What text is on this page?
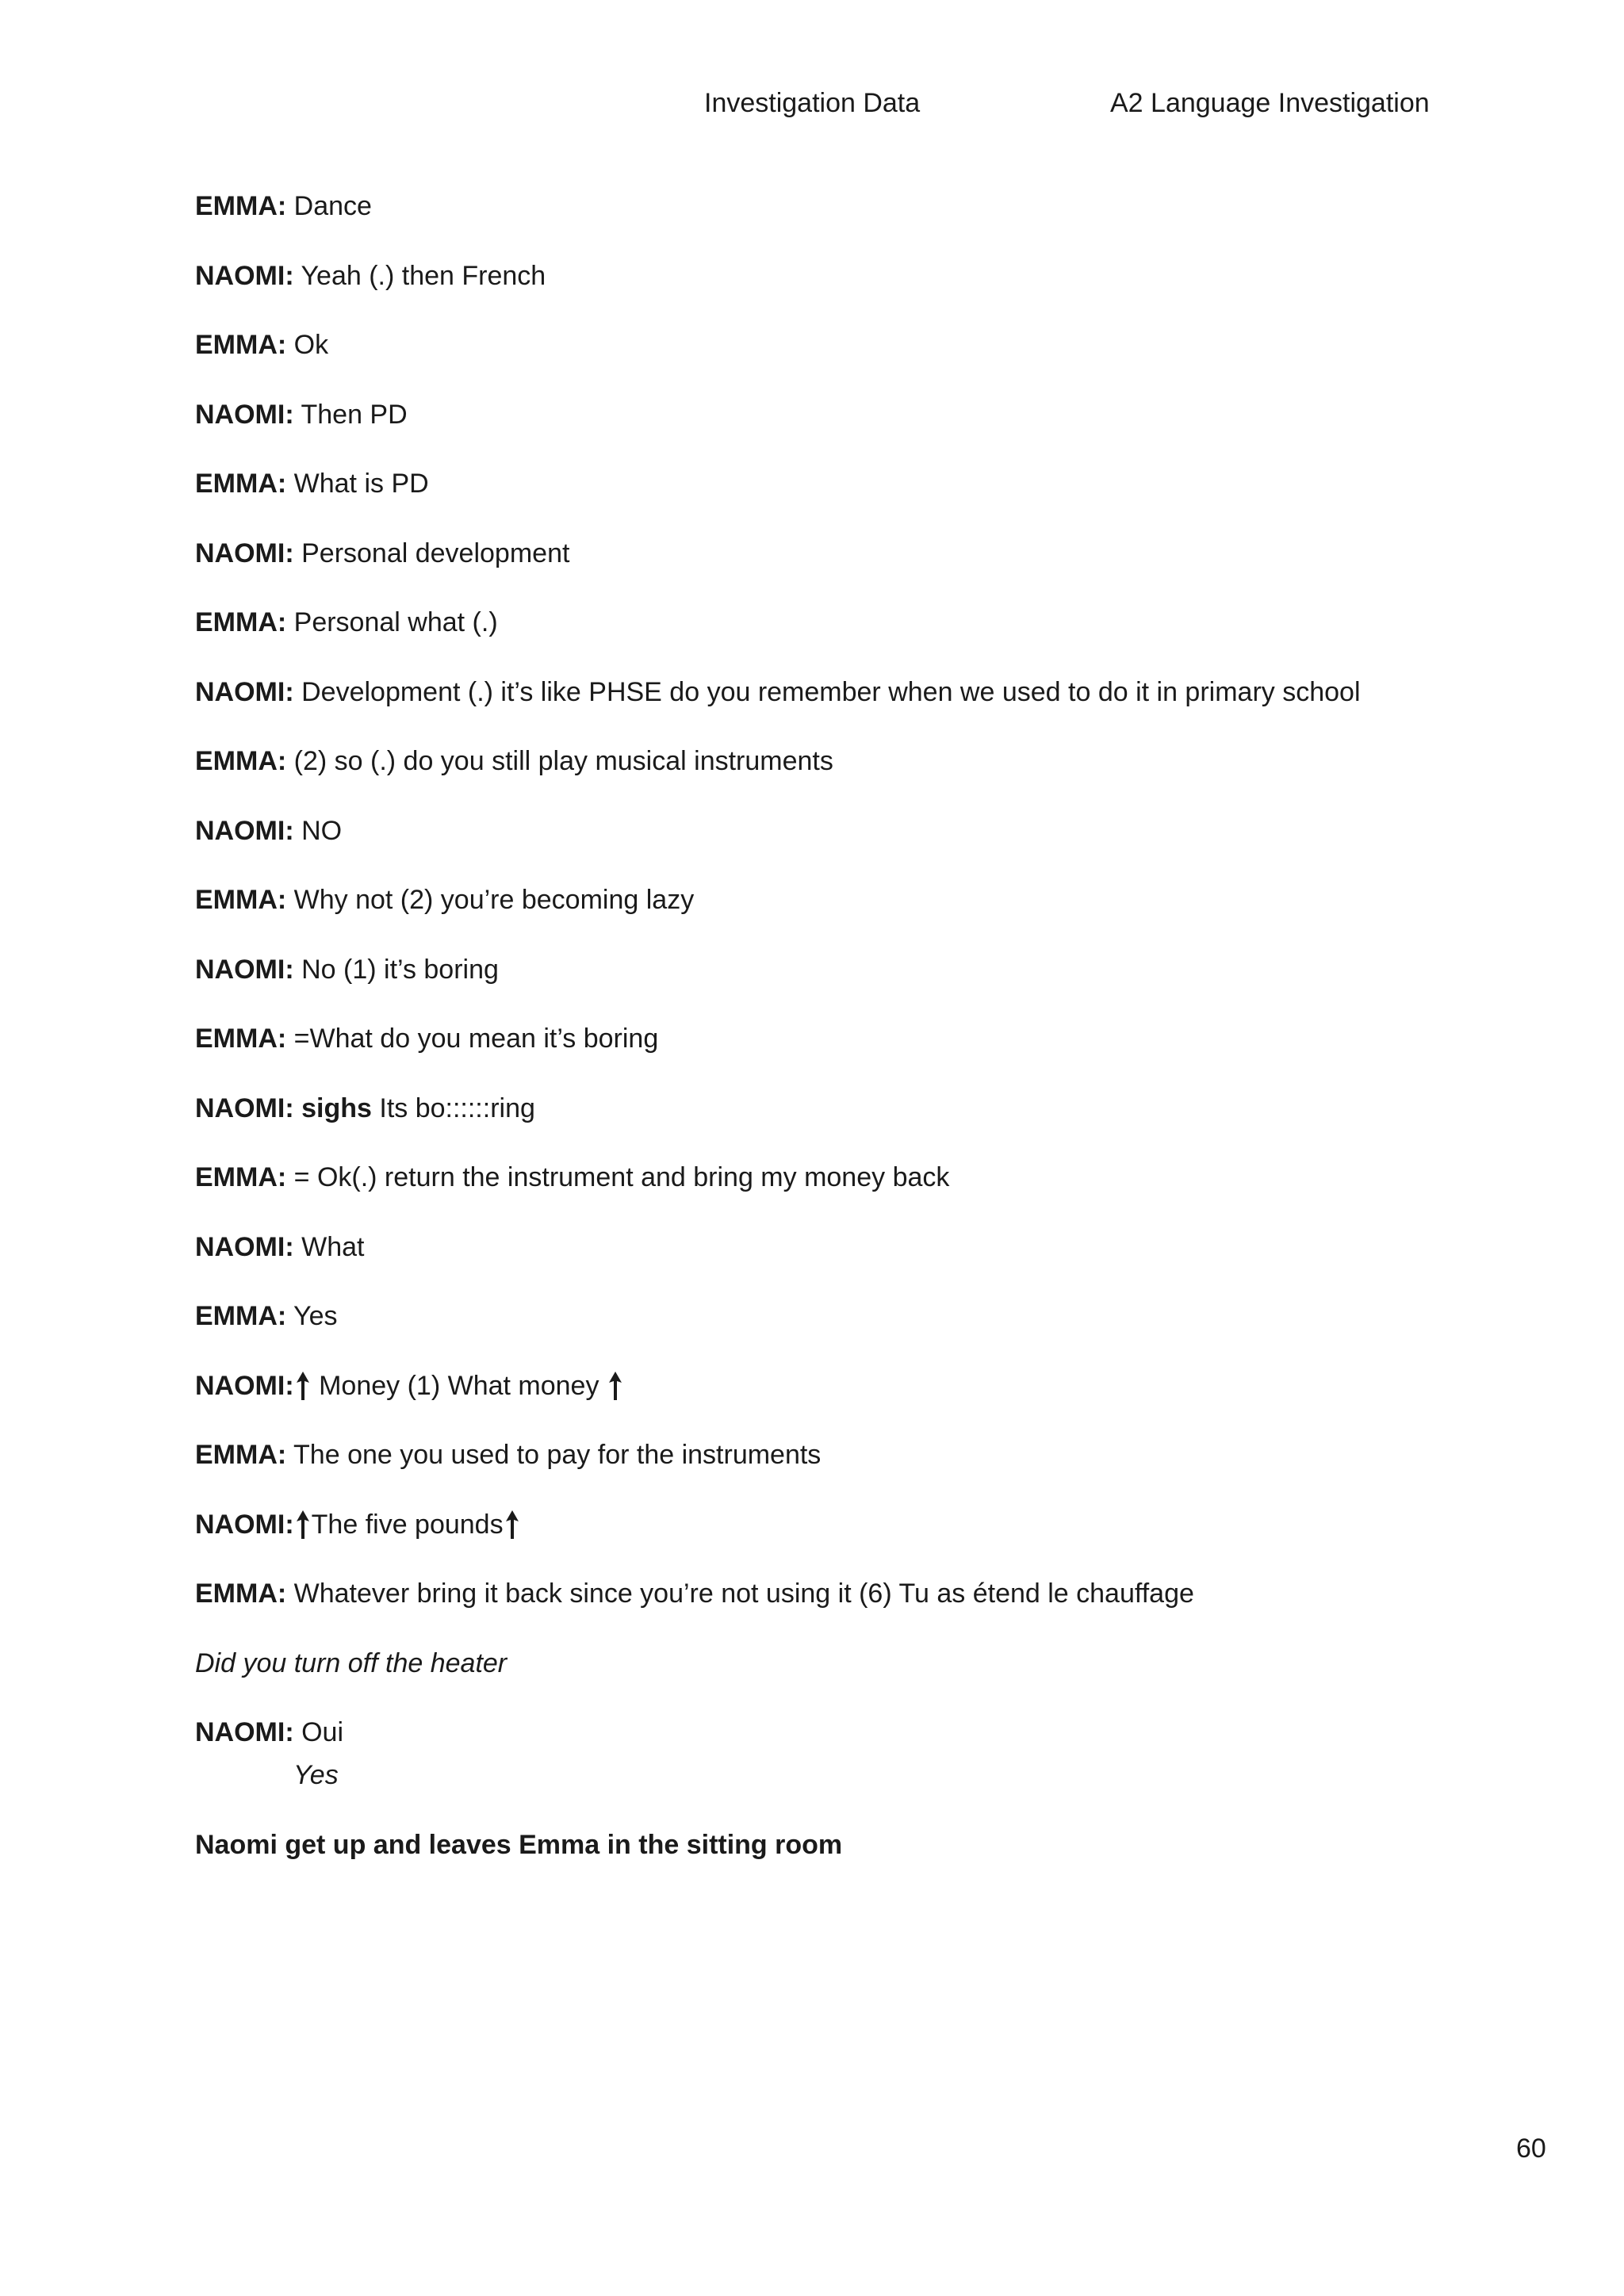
Investigation Data	A2 Language Investigation
EMMA: Dance
NAOMI: Yeah (.) then French
EMMA: Ok
NAOMI: Then PD
EMMA: What is PD
NAOMI: Personal development
EMMA: Personal what (.)
NAOMI: Development (.) it’s like PHSE do you remember when we used to do it in primary school
EMMA: (2) so (.) do you still play musical instruments
NAOMI: NO
EMMA: Why not (2) you’re becoming lazy
NAOMI: No (1) it’s boring
EMMA: =What do you mean it’s boring
NAOMI: sighs Its bo::::::ring
EMMA: = Ok(.) return the instrument and bring my money back
NAOMI: What
EMMA: Yes
NAOMI:
Money (1) What money
EMMA: The one you used to pay for the instruments
NAOMI: The five pounds
EMMA: Whatever bring it back since you’re not using it (6) Tu as étend le chauffage
Did you turn off the heater
NAOMI: Oui
Yes
Naomi get up and leaves Emma in the sitting room
60
